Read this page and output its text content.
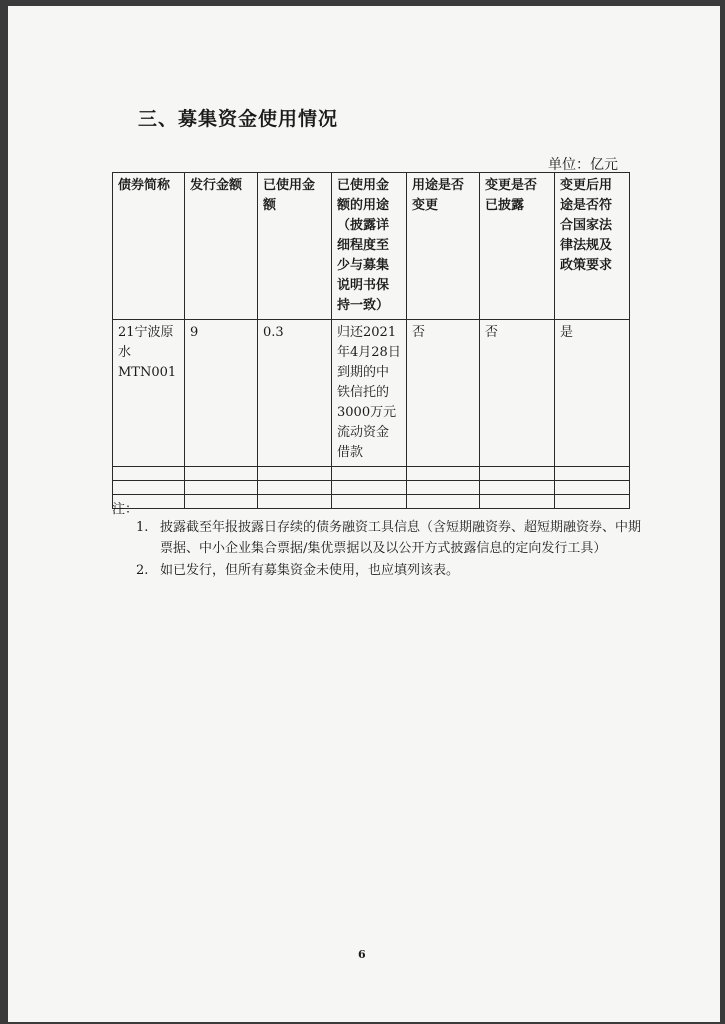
三、募集资金使用情况
单位：亿元
债券简称	发行金额	已使用金额	已使用金额的用途（披露详细程度至少与募集说明书保持一致）	用途是否变更	变更是否已披露	变更后用途是否符合国家法律法规及政策要求
21宁波原水MTN001	9	0.3	归还2021年4月28日到期的中铁信托的3000万元流动资金借款	否	否	是

注：
1. 披露截至年报披露日存续的债务融资工具信息（含短期融资券、超短期融资券、中期票据、中小企业集合票据/集优票据以及以公开方式披露信息的定向发行工具）
2. 如已发行，但所有募集资金未使用，也应填列该表。
6
